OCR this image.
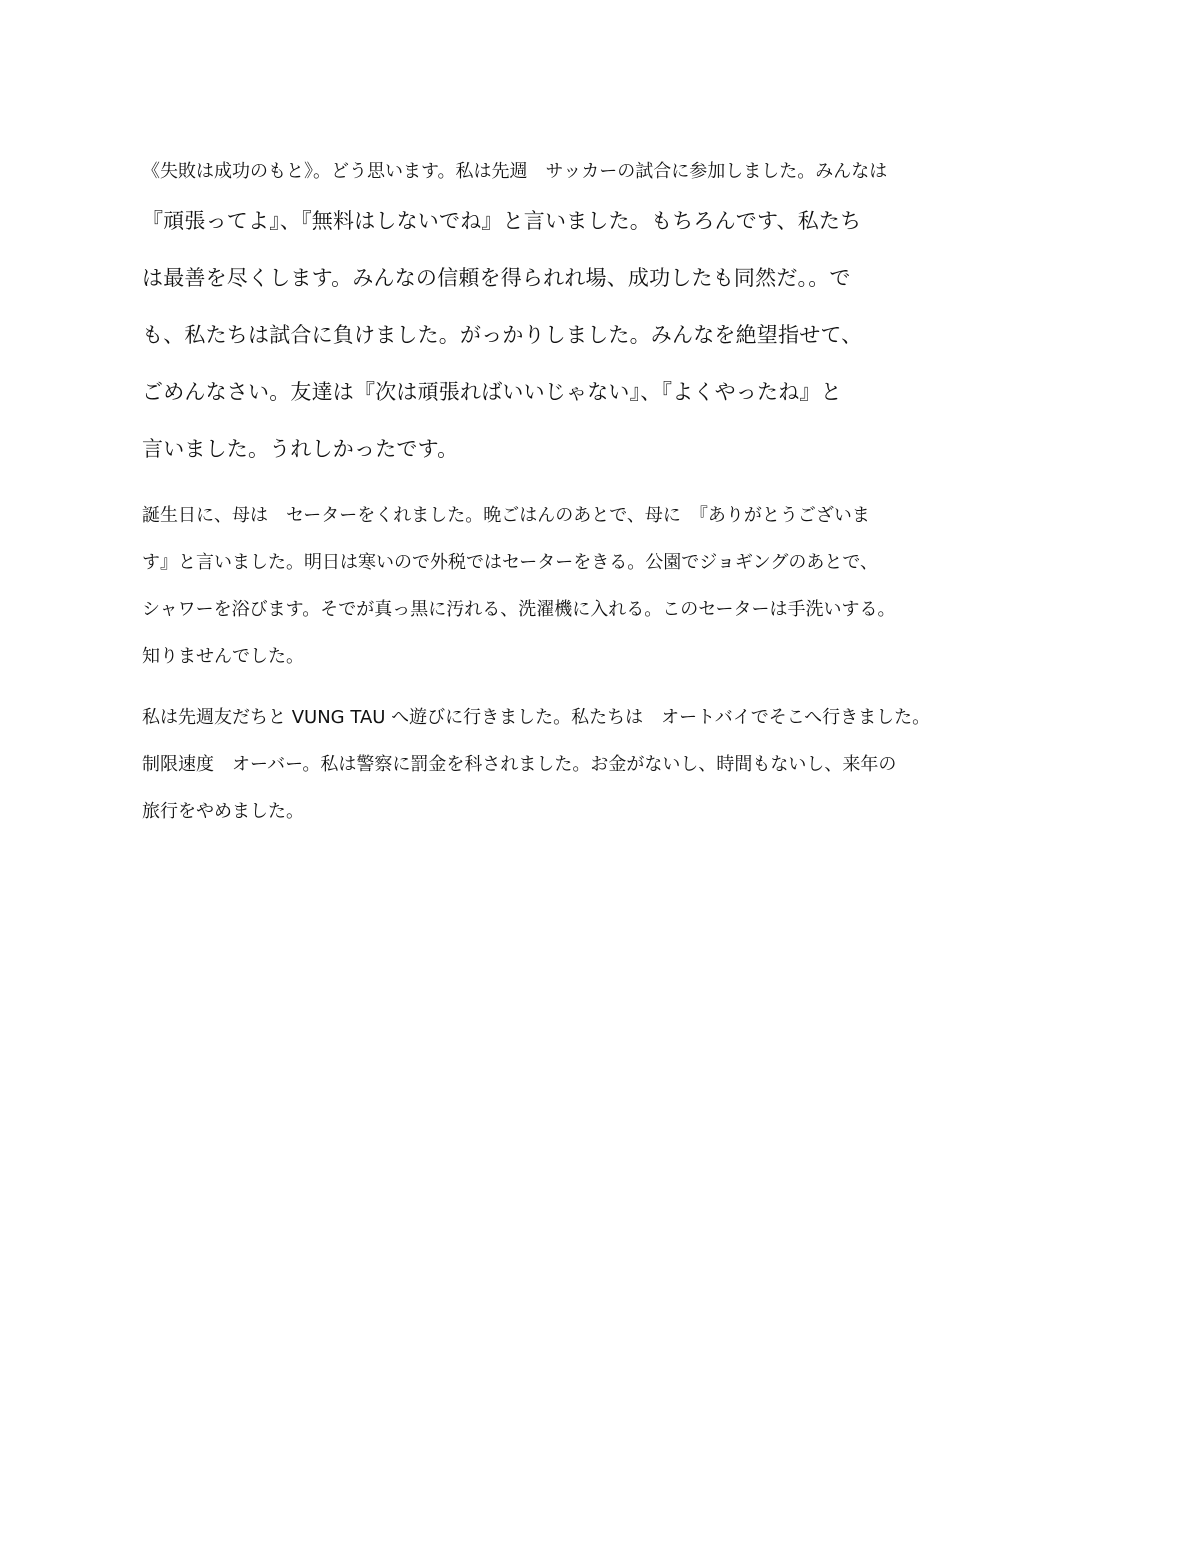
《失敗は成功のもと》。どう思います。私は先週　サッカーの試合に参加しました。みんなは
『頑張ってよ』、『無料はしないでね』と言いました。もちろんです、私たち
は最善を尽くします。みんなの信頼を得られれ場、成功したも同然だ。。で
も、私たちは試合に負けました。がっかりしました。みんなを絶望指せて、
ごめんなさい。友達は『次は頑張ればいいじゃない』、『よくやったね』と
言いました。うれしかったです。
誕生日に、母は　セーターをくれました。晩ごはんのあとで、母に　『ありがとうございま
す』と言いました。明日は寒いので外税ではセーターをきる。公園でジョギングのあとで、
シャワーを浴びます。そでが真っ黒に汚れる、洗濯機に入れる。このセーターは手洗いする。
知りませんでした。
私は先週友だちと VUNG TAU へ遊びに行きました。私たちは　オートバイでそこへ行きました。
制限速度　オーバー。私は警察に罰金を科されました。お金がないし、時間もないし、来年の
旅行をやめました。
